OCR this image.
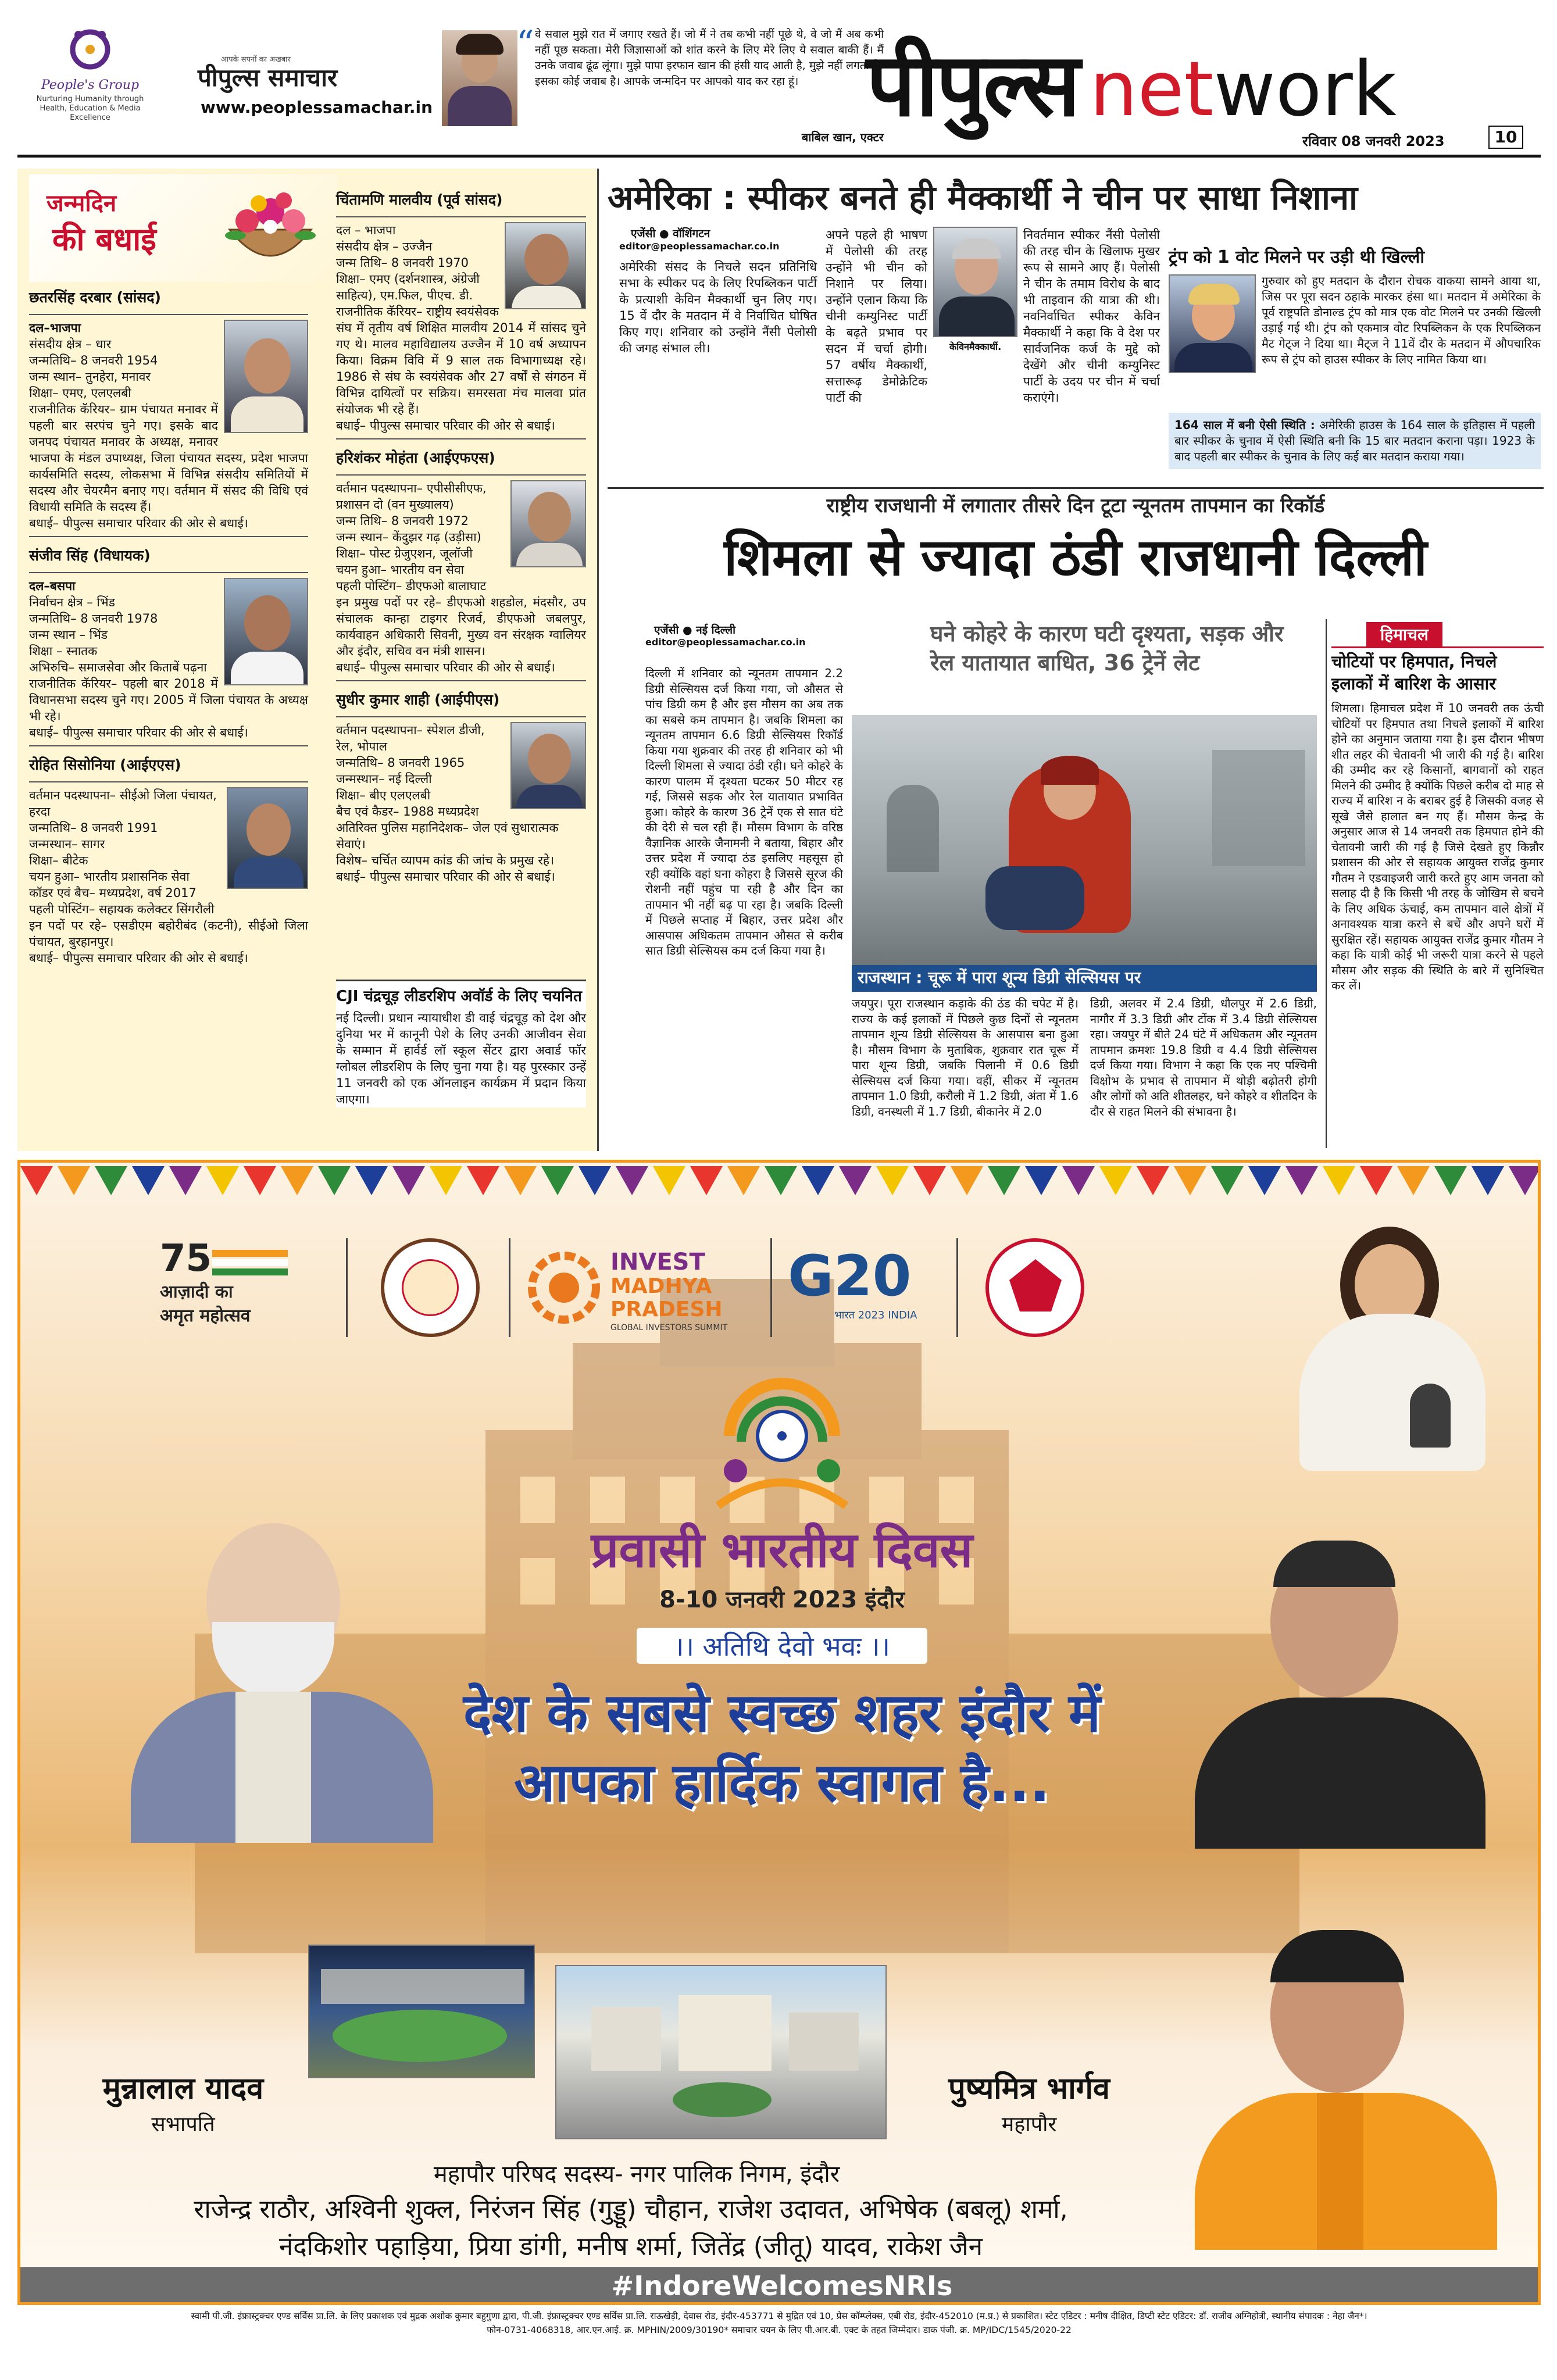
People's Group
Nurturing Humanity through Health, Education & Media Excellence
आपके सपनों का अखबार
पीपुल्स समाचार
www.peoplessamachar.in
“ वे सवाल मुझे रात में जगाए रखते हैं। जो मैं ने तब कभी नहीं पूछे थे, वे जो मैं अब कभी नहीं पूछ सकता। मेरी जिज्ञासाओं को शांत करने के लिए मेरे लिए ये सवाल बाकी हैं। मैं उनके जवाब ढूंढ लूंगा। मुझे पापा इरफान खान की हंसी याद आती है, मुझे नहीं लगता कि इसका कोई जवाब है। आपके जन्मदिन पर आपको याद कर रहा हूं।
बाबिल खान, एक्टर
पीपुल्स network
रविवार 08 जनवरी 2023	10
जन्मदिन
की बधाई
छतरसिंह दरबार (सांसद)
दल–भाजपा
संसदीय क्षेत्र – धार
जन्मतिथि– 8 जनवरी 1954
जन्म स्थान– तुनहेरा, मनावर
शिक्षा– एमए, एलएलबी
राजनीतिक कॅरियर– ग्राम पंचायत मनावर में पहली बार सरपंच चुने गए। इसके बाद जनपद पंचायत मनावर के अध्यक्ष, मनावर भाजपा के मंडल उपाध्यक्ष, जिला पंचायत सदस्य, प्रदेश भाजपा कार्यसमिति सदस्य, लोकसभा में विभिन्न संसदीय समितियों में सदस्य और चेयरमैन बनाए गए। वर्तमान में संसद की विधि एवं विधायी समिति के सदस्य हैं।
बधाई– पीपुल्स समाचार परिवार की ओर से बधाई।
संजीव सिंह (विधायक)
दल–बसपा
निर्वाचन क्षेत्र – भिंड
जन्मतिथि– 8 जनवरी 1978
जन्म स्थान – भिंड
शिक्षा – स्नातक
अभिरुचि– समाजसेवा और किताबें पढ़ना
राजनीतिक कॅरियर– पहली बार 2018 में विधानसभा सदस्य चुने गए। 2005 में जिला पंचायत के अध्यक्ष भी रहे।
बधाई– पीपुल्स समाचार परिवार की ओर से बधाई।
रोहित सिसोनिया (आईएएस)
वर्तमान पदस्थापना– सीईओ जिला पंचायत, हरदा
जन्मतिथि– 8 जनवरी 1991
जन्मस्थान– सागर
शिक्षा– बीटेक
चयन हुआ– भारतीय प्रशासनिक सेवा
कॉडर एवं बैच– मध्यप्रदेश, वर्ष 2017
पहली पोस्टिंग– सहायक कलेक्टर सिंगरौली
इन पदों पर रहे– एसडीएम बहोरीबंद (कटनी), सीईओ जिला पंचायत, बुरहानपुर।
बधाई– पीपुल्स समाचार परिवार की ओर से बधाई।
चिंतामणि मालवीय (पूर्व सांसद)
दल – भाजपा
संसदीय क्षेत्र – उज्जैन
जन्म तिथि– 8 जनवरी 1970
शिक्षा– एमए (दर्शनशास्त्र, अंग्रेजी साहित्य), एम.फिल, पीएच. डी.
राजनीतिक कॅरियर– राष्ट्रीय स्वयंसेवक संघ में तृतीय वर्ष शिक्षित मालवीय 2014 में सांसद चुने गए थे। मालव महाविद्यालय उज्जैन में 10 वर्ष अध्यापन किया। विक्रम विवि में 9 साल तक विभागाध्यक्ष रहे। 1986 से संघ के स्वयंसेवक और 27 वर्षों से संगठन में विभिन्न दायित्वों पर सक्रिय। समरसता मंच मालवा प्रांत संयोजक भी रहे हैं।
बधाई– पीपुल्स समाचार परिवार की ओर से बधाई।
हरिशंकर मोहंता (आईएफएस)
वर्तमान पदस्थापना– एपीसीसीएफ, प्रशासन दो (वन मुख्यालय)
जन्म तिथि– 8 जनवरी 1972
जन्म स्थान– केंदुझर गढ़ (उड़ीसा)
शिक्षा– पोस्ट ग्रेजुएशन, जूलॉजी
चयन हुआ– भारतीय वन सेवा
पहली पोस्टिंग– डीएफओ बालाघाट
इन प्रमुख पदों पर रहे– डीएफओ शहडोल, मंदसौर, उप संचालक कान्हा टाइगर रिजर्व, डीएफओ जबलपुर, कार्यवाहन अधिकारी सिवनी, मुख्य वन संरक्षक ग्वालियर और इंदौर, सचिव वन मंत्री शासन।
बधाई– पीपुल्स समाचार परिवार की ओर से बधाई।
सुधीर कुमार शाही (आईपीएस)
वर्तमान पदस्थापना– स्पेशल डीजी, रेल, भोपाल
जन्मतिथि– 8 जनवरी 1965
जन्मस्थान– नई दिल्ली
शिक्षा– बीए एलएलबी
बैच एवं कैडर– 1988 मध्यप्रदेश
अतिरिक्त पुलिस महानिदेशक– जेल एवं सुधारात्मक सेवाएं।
विशेष– चर्चित व्यापम कांड की जांच के प्रमुख रहे।
बधाई– पीपुल्स समाचार परिवार की ओर से बधाई।
CJI चंद्रचूड़ लीडरशिप अवॉर्ड के लिए चयनित
नई दिल्ली। प्रधान न्यायाधीश डी वाई चंद्रचूड़ को देश और दुनिया भर में कानूनी पेशे के लिए उनकी आजीवन सेवा के सम्मान में हार्वर्ड लॉ स्कूल सेंटर द्वारा अवार्ड फॉर ग्लोबल लीडरशिप के लिए चुना गया है। यह पुरस्कार उन्हें 11 जनवरी को एक ऑनलाइन कार्यक्रम में प्रदान किया जाएगा।
अमेरिका : स्पीकर बनते ही मैक्कार्थी ने चीन पर साधा निशाना
एजेंसी ● वॉशिंगटन
editor@peoplessamachar.co.in
अमेरिकी संसद के निचले सदन प्रतिनिधि सभा के स्पीकर पद के लिए रिपब्लिकन पार्टी के प्रत्याशी केविन मैक्कार्थी चुन लिए गए। 15 वें दौर के मतदान में वे निर्वाचित घोषित किए गए। शनिवार को उन्होंने नैंसी पेलोसी की जगह संभाल ली।
अपने पहले ही भाषण में पेलोसी की तरह उन्होंने भी चीन को निशाने पर लिया। उन्होंने एलान किया कि चीनी कम्युनिस्ट पार्टी के बढ़ते प्रभाव पर सदन में चर्चा होगी। 57 वर्षीय मैक्कार्थी, सत्तारूढ़ डेमोक्रेटिक पार्टी की
केविनमैक्कार्थी.
निवर्तमान स्पीकर नैंसी पेलोसी की तरह चीन के खिलाफ मुखर रूप से सामने आए हैं। पेलोसी ने चीन के तमाम विरोध के बाद भी ताइवान की यात्रा की थी। नवनिर्वाचित स्पीकर केविन मैक्कार्थी ने कहा कि वे देश पर सार्वजनिक कर्ज के मुद्दे को देखेंगे और चीनी कम्युनिस्ट पार्टी के उदय पर चीन में चर्चा कराएंगे।
ट्रंप को 1 वोट मिलने पर उड़ी थी खिल्ली
गुरुवार को हुए मतदान के दौरान रोचक वाकया सामने आया था, जिस पर पूरा सदन ठहाके मारकर हंसा था। मतदान में अमेरिका के पूर्व राष्ट्रपति डोनाल्ड ट्रंप को मात्र एक वोट मिलने पर उनकी खिल्ली उड़ाई गई थी। ट्रंप को एकमात्र वोट रिपब्लिकन के एक रिपब्लिकन मैट गेट्ज ने दिया था। मैट्ज ने 11वें दौर के मतदान में औपचारिक रूप से ट्रंप को हाउस स्पीकर के लिए नामित किया था।
164 साल में बनी ऐसी स्थिति : अमेरिकी हाउस के 164 साल के इतिहास में पहली बार स्पीकर के चुनाव में ऐसी स्थिति बनी कि 15 बार मतदान कराना पड़ा। 1923 के बाद पहली बार स्पीकर के चुनाव के लिए कई बार मतदान कराया गया।
राष्ट्रीय राजधानी में लगातार तीसरे दिन टूटा न्यूनतम तापमान का रिकॉर्ड
शिमला से ज्यादा ठंडी राजधानी दिल्ली
एजेंसी ● नई दिल्ली
editor@peoplessamachar.co.in
दिल्ली में शनिवार को न्यूनतम तापमान 2.2 डिग्री सेल्सियस दर्ज किया गया, जो औसत से पांच डिग्री कम है और इस मौसम का अब तक का सबसे कम तापमान है। जबकि शिमला का न्यूनतम तापमान 6.6 डिग्री सेल्सियस रिकॉर्ड किया गया शुक्रवार की तरह ही शनिवार को भी दिल्ली शिमला से ज्यादा ठंडी रही। घने कोहरे के कारण पालम में दृश्यता घटकर 50 मीटर रह गई, जिससे सड़क और रेल यातायात प्रभावित हुआ। कोहरे के कारण 36 ट्रेनें एक से सात घंटे की देरी से चल रही हैं। मौसम विभाग के वरिष्ठ वैज्ञानिक आरके जैनामनी ने बताया, बिहार और उत्तर प्रदेश में ज्यादा ठंड इसलिए महसूस हो रही क्योंकि वहां घना कोहरा है जिससे सूरज की रोशनी नहीं पहुंच पा रही है और दिन का तापमान भी नहीं बढ़ पा रहा है। जबकि दिल्ली में पिछले सप्ताह में बिहार, उत्तर प्रदेश और आसपास अधिकतम तापमान औसत से करीब सात डिग्री सेल्सियस कम दर्ज किया गया है।
घने कोहरे के कारण घटी दृश्यता, सड़क और रेल यातायात बाधित, 36 ट्रेनें लेट
राजस्थान : चूरू में पारा शून्य डिग्री सेल्सियस पर
जयपुर। पूरा राजस्थान कड़ाके की ठंड की चपेट में है। राज्य के कई इलाकों में पिछले कुछ दिनों से न्यूनतम तापमान शून्य डिग्री सेल्सियस के आसपास बना हुआ है। मौसम विभाग के मुताबिक, शुक्रवार रात चूरू में पारा शून्य डिग्री, जबकि पिलानी में 0.6 डिग्री सेल्सियस दर्ज किया गया। वहीं, सीकर में न्यूनतम तापमान 1.0 डिग्री, करौली में 1.2 डिग्री, अंता में 1.6 डिग्री, वनस्थली में 1.7 डिग्री, बीकानेर में 2.0
डिग्री, अलवर में 2.4 डिग्री, धौलपुर में 2.6 डिग्री, नागौर में 3.3 डिग्री और टोंक में 3.4 डिग्री सेल्सियस रहा। जयपुर में बीते 24 घंटे में अधिकतम और न्यूनतम तापमान क्रमशः 19.8 डिग्री व 4.4 डिग्री सेल्सियस दर्ज किया गया। विभाग ने कहा कि एक नए पश्चिमी विक्षोभ के प्रभाव से तापमान में थोड़ी बढ़ोतरी होगी और लोगों को अति शीतलहर, घने कोहरे व शीतदिन के दौर से राहत मिलने की संभावना है।
हिमाचल
चोटियों पर हिमपात, निचले इलाकों में बारिश के आसार
शिमला। हिमाचल प्रदेश में 10 जनवरी तक ऊंची चोटियों पर हिमपात तथा निचले इलाकों में बारिश होने का अनुमान जताया गया है। इस दौरान भीषण शीत लहर की चेतावनी भी जारी की गई है। बारिश की उम्मीद कर रहे किसानों, बागवानों को राहत मिलने की उम्मीद है क्योंकि पिछले करीब दो माह से राज्य में बारिश न के बराबर हुई है जिसकी वजह से सूखे जैसे हालात बन गए हैं। मौसम केन्द्र के अनुसार आज से 14 जनवरी तक हिमपात होने की चेतावनी जारी की गई है जिसे देखते हुए किन्नौर प्रशासन की ओर से सहायक आयुक्त राजेंद्र कुमार गौतम ने एडवाइजरी जारी करते हुए आम जनता को सलाह दी है कि किसी भी तरह के जोखिम से बचने के लिए अधिक ऊंचाई, कम तापमान वाले क्षेत्रों में अनावश्यक यात्रा करने से बचें और अपने घरों में सुरक्षित रहें। सहायक आयुक्त राजेंद्र कुमार गौतम ने कहा कि यात्री कोई भी जरूरी यात्रा करने से पहले मौसम और सड़क की स्थिति के बारे में सुनिश्चित कर लें।
75
आज़ादी का
अमृत महोत्सव
INVEST
MADHYA
PRADESH
GLOBAL INVESTORS SUMMIT
G20
भारत 2023 INDIA
प्रवासी भारतीय दिवस
8-10 जनवरी 2023 इंदौर
।। अतिथि देवो भवः ।।
देश के सबसे स्वच्छ शहर इंदौर में
आपका हार्दिक स्वागत है...
मुन्नालाल यादव
सभापति
पुष्यमित्र भार्गव
महापौर
महापौर परिषद सदस्य- नगर पालिक निगम, इंदौर
राजेन्द्र राठौर, अश्विनी शुक्ल, निरंजन सिंह (गुड्डू) चौहान, राजेश उदावत, अभिषेक (बबलू) शर्मा,
नंदकिशोर पहाड़िया, प्रिया डांगी, मनीष शर्मा, जितेंद्र (जीतू) यादव, राकेश जैन
#IndoreWelcomesNRIs
स्वामी पी.जी. इंफ्रास्ट्रक्चर एण्ड सर्विस प्रा.लि. के लिए प्रकाशक एवं मुद्रक अशोक कुमार बहुगुणा द्वारा, पी.जी. इंफ्रास्ट्रक्चर एण्ड सर्विस प्रा.लि. राऊखेड़ी, देवास रोड, इंदौर-453771 से मुद्रित एवं 10, प्रेस कॉम्प्लेक्स, एबी रोड, इंदौर-452010 (म.प्र.) से प्रकाशित। स्टेट एडिटर : मनीष दीक्षित, डिप्टी स्टेट एडिटर: डॉ. राजीव अग्निहोत्री, स्थानीय संपादक : नेहा जैन*।
फोन-0731-4068318, आर.एन.आई. क्र. MPHIN/2009/30190* समाचार चयन के लिए पी.आर.बी. एक्ट के तहत जिम्मेदार। डाक पंजी. क्र. MP/IDC/1545/2020-22
